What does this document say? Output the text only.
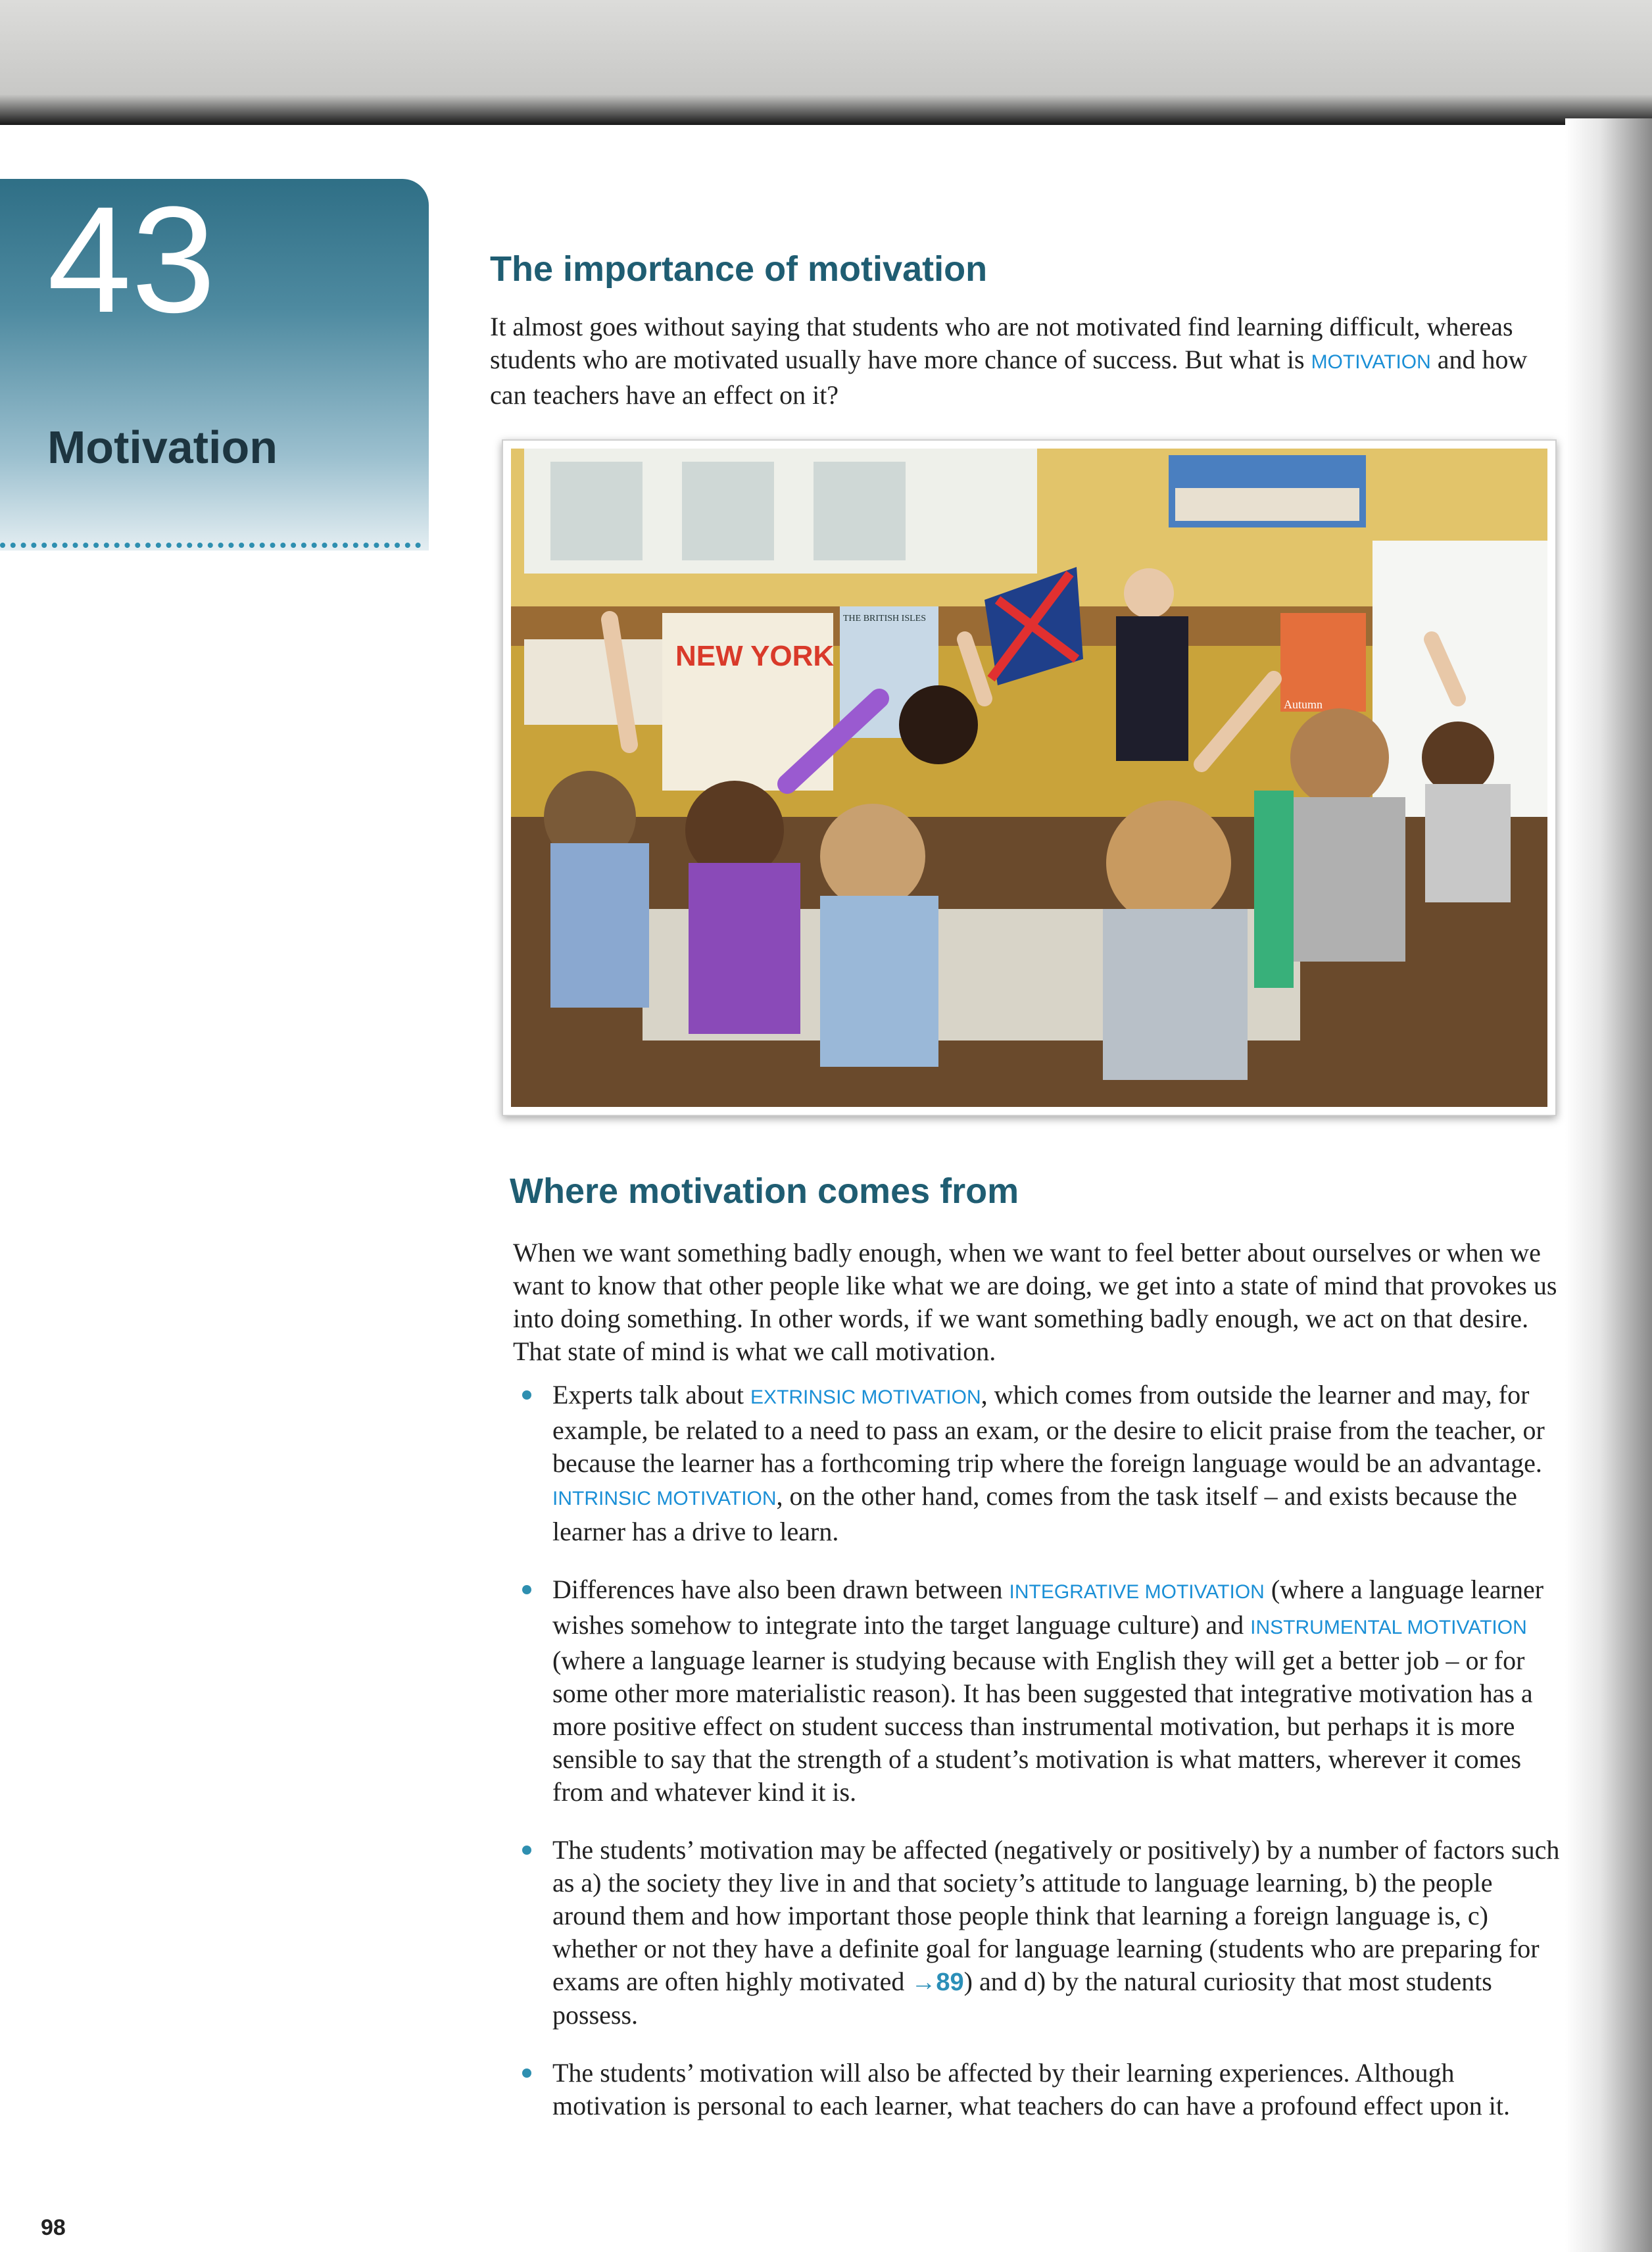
43
Motivation
The importance of motivation

It almost goes without saying that students who are not motivated find learning difficult, whereas students who are motivated usually have more chance of success. But what is MOTIVATION and how can teachers have an effect on it?

NEW YORK
THE BRITISH ISLES
Autumn
Where motivation comes from

When we want something badly enough, when we want to feel better about ourselves or when we want to know that other people like what we are doing, we get into a state of mind that provokes us into doing something. In other words, if we want something badly enough, we act on that desire. That state of mind is what we call motivation.

Experts talk about EXTRINSIC MOTIVATION, which comes from outside the learner and may, for example, be related to a need to pass an exam, or the desire to elicit praise from the teacher, or because the learner has a forthcoming trip where the foreign language would be an advantage. INTRINSIC MOTIVATION, on the other hand, comes from the task itself – and exists because the learner has a drive to learn.
Differences have also been drawn between INTEGRATIVE MOTIVATION (where a language learner wishes somehow to integrate into the target language culture) and INSTRUMENTAL MOTIVATION (where a language learner is studying because with English they will get a better job – or for some other more materialistic reason). It has been suggested that integrative motivation has a more positive effect on student success than instrumental motivation, but perhaps it is more sensible to say that the strength of a student’s motivation is what matters, wherever it comes from and whatever kind it is.
The students’ motivation may be affected (negatively or positively) by a number of factors such as a) the society they live in and that society’s attitude to language learning, b) the people around them and how important those people think that learning a foreign language is, c) whether or not they have a definite goal for language learning (students who are preparing for exams are often highly motivated →89) and d) by the natural curiosity that most students possess.
The students’ motivation will also be affected by their learning experiences. Although motivation is personal to each learner, what teachers do can have a profound effect upon it.
98
